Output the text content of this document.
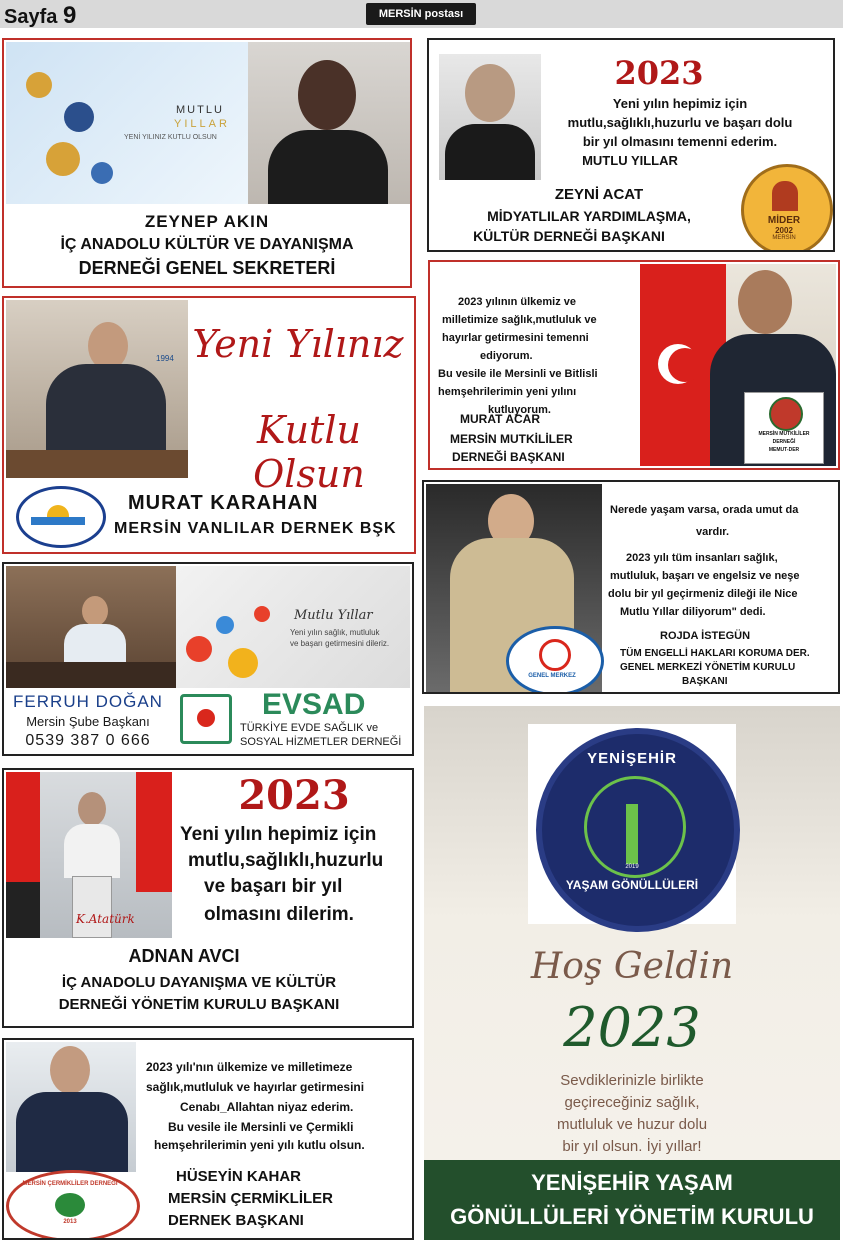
Sayfa 9	MERSİN postası
MUTLU
YILLAR
YENİ YILINIZ KUTLU OLSUN
ZEYNEP AKIN
İÇ ANADOLU KÜLTÜR VE DAYANIŞMA
DERNEĞİ GENEL SEKRETERİ
2023
Yeni yılın hepimiz için
mutlu,sağlıklı,huzurlu ve başarı dolu
bir yıl olmasını temenni ederim.
MUTLU YILLAR
ZEYNİ ACAT
MİDYATLILAR YARDIMLAŞMA,
KÜLTÜR DERNEĞİ BAŞKANI
MİDER
2002
MERSİN
1994 Yeni Yılınız
Kutlu Olsun
MURAT KARAHAN
MERSİN VANLILAR DERNEK BŞK
2023 yılının ülkemiz ve
milletimize sağlık,mutluluk ve
hayırlar getirmesini temenni
ediyorum.
Bu vesile ile Mersinli ve Bitlisli
hemşehrilerimin yeni yılını
kutluyorum.
MURAT ACAR
MERSİN MUTKİLİLER
DERNEĞİ BAŞKANI
MERSİN MUTKİLİLER
DERNEĞİ
MEMUT-DER
Mutlu Yıllar
Yeni yılın sağlık, mutluluk
ve başarı getirmesini dileriz.
FERRUH DOĞAN
Mersin Şube Başkanı
0539 387 0 666
EVSAD
TÜRKİYE EVDE SAĞLIK ve
SOSYAL HİZMETLER DERNEĞİ
GENEL MERKEZ
Nerede yaşam varsa, orada umut da
vardır.
2023 yılı tüm insanları sağlık,
mutluluk, başarı ve engelsiz ve neşe
dolu bir yıl geçirmeniz dileği ile Nice
Mutlu Yıllar diliyorum" dedi.
ROJDA İSTEGÜN
TÜM ENGELLİ HAKLARI KORUMA DER.
GENEL MERKEZİ YÖNETİM KURULU
BAŞKANI
K.Atatürk
2023
Yeni yılın hepimiz için
mutlu,sağlıklı,huzurlu
ve başarı bir yıl
olmasını dilerim.
ADNAN AVCI
İÇ ANADOLU DAYANIŞMA VE KÜLTÜR
DERNEĞİ YÖNETİM KURULU BAŞKANI
MERSİN ÇERMİKLİLER DERNEĞİ
2013
2023 yılı'nın ülkemize ve milletimeze
sağlık,mutluluk ve hayırlar getirmesini
Cenabı_Allahtan niyaz ederim.
Bu vesile ile Mersinli ve Çermikli
hemşehrilerimin yeni yılı kutlu olsun.
HÜSEYİN KAHAR
MERSİN ÇERMİKLİLER
DERNEK BAŞKANI
YENİŞEHİR
YAŞAM GÖNÜLLÜLERİ
2019
Hoş Geldin
2023
Sevdiklerinizle birlikte
geçireceğiniz sağlık,
mutluluk ve huzur dolu
bir yıl olsun. İyi yıllar!
YENİŞEHİR YAŞAM
GÖNÜLLÜLERİ YÖNETİM KURULU
